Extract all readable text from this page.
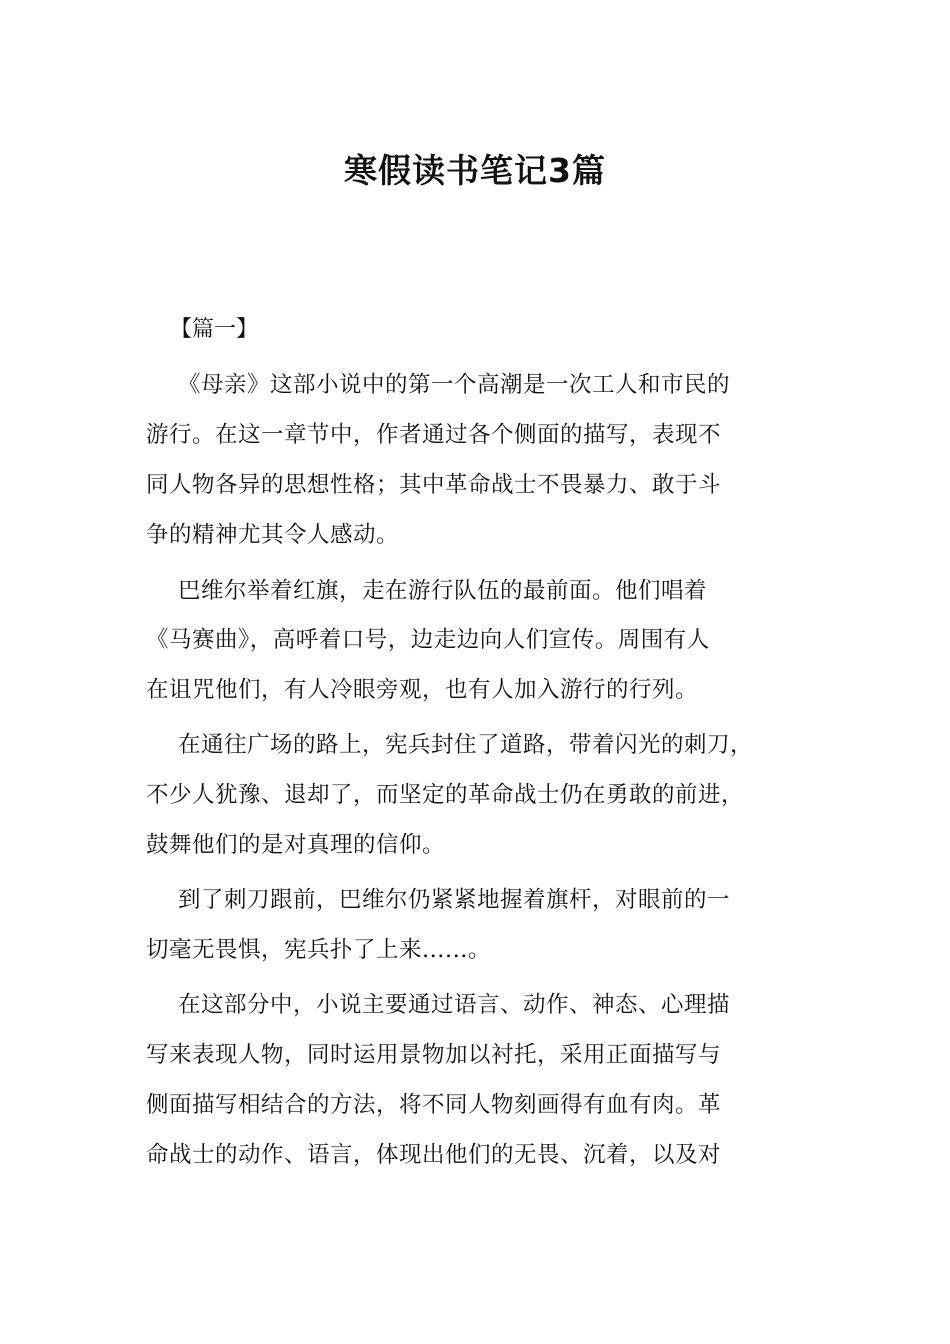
寒假读书笔记3篇
【篇一】
《母亲》这部小说中的第一个高潮是一次工人和市民的
游行。在这一章节中，作者通过各个侧面的描写，表现不
同人物各异的思想性格；其中革命战士不畏暴力、敢于斗
争的精神尤其令人感动。
巴维尔举着红旗，走在游行队伍的最前面。他们唱着
《马赛曲》，高呼着口号，边走边向人们宣传。周围有人
在诅咒他们，有人冷眼旁观，也有人加入游行的行列。
在通往广场的路上，宪兵封住了道路，带着闪光的刺刀，
不少人犹豫、退却了，而坚定的革命战士仍在勇敢的前进，
鼓舞他们的是对真理的信仰。
到了刺刀跟前，巴维尔仍紧紧地握着旗杆，对眼前的一
切毫无畏惧，宪兵扑了上来......。
在这部分中，小说主要通过语言、动作、神态、心理描
写来表现人物，同时运用景物加以衬托，采用正面描写与
侧面描写相结合的方法，将不同人物刻画得有血有肉。革
命战士的动作、语言，体现出他们的无畏、沉着，以及对
